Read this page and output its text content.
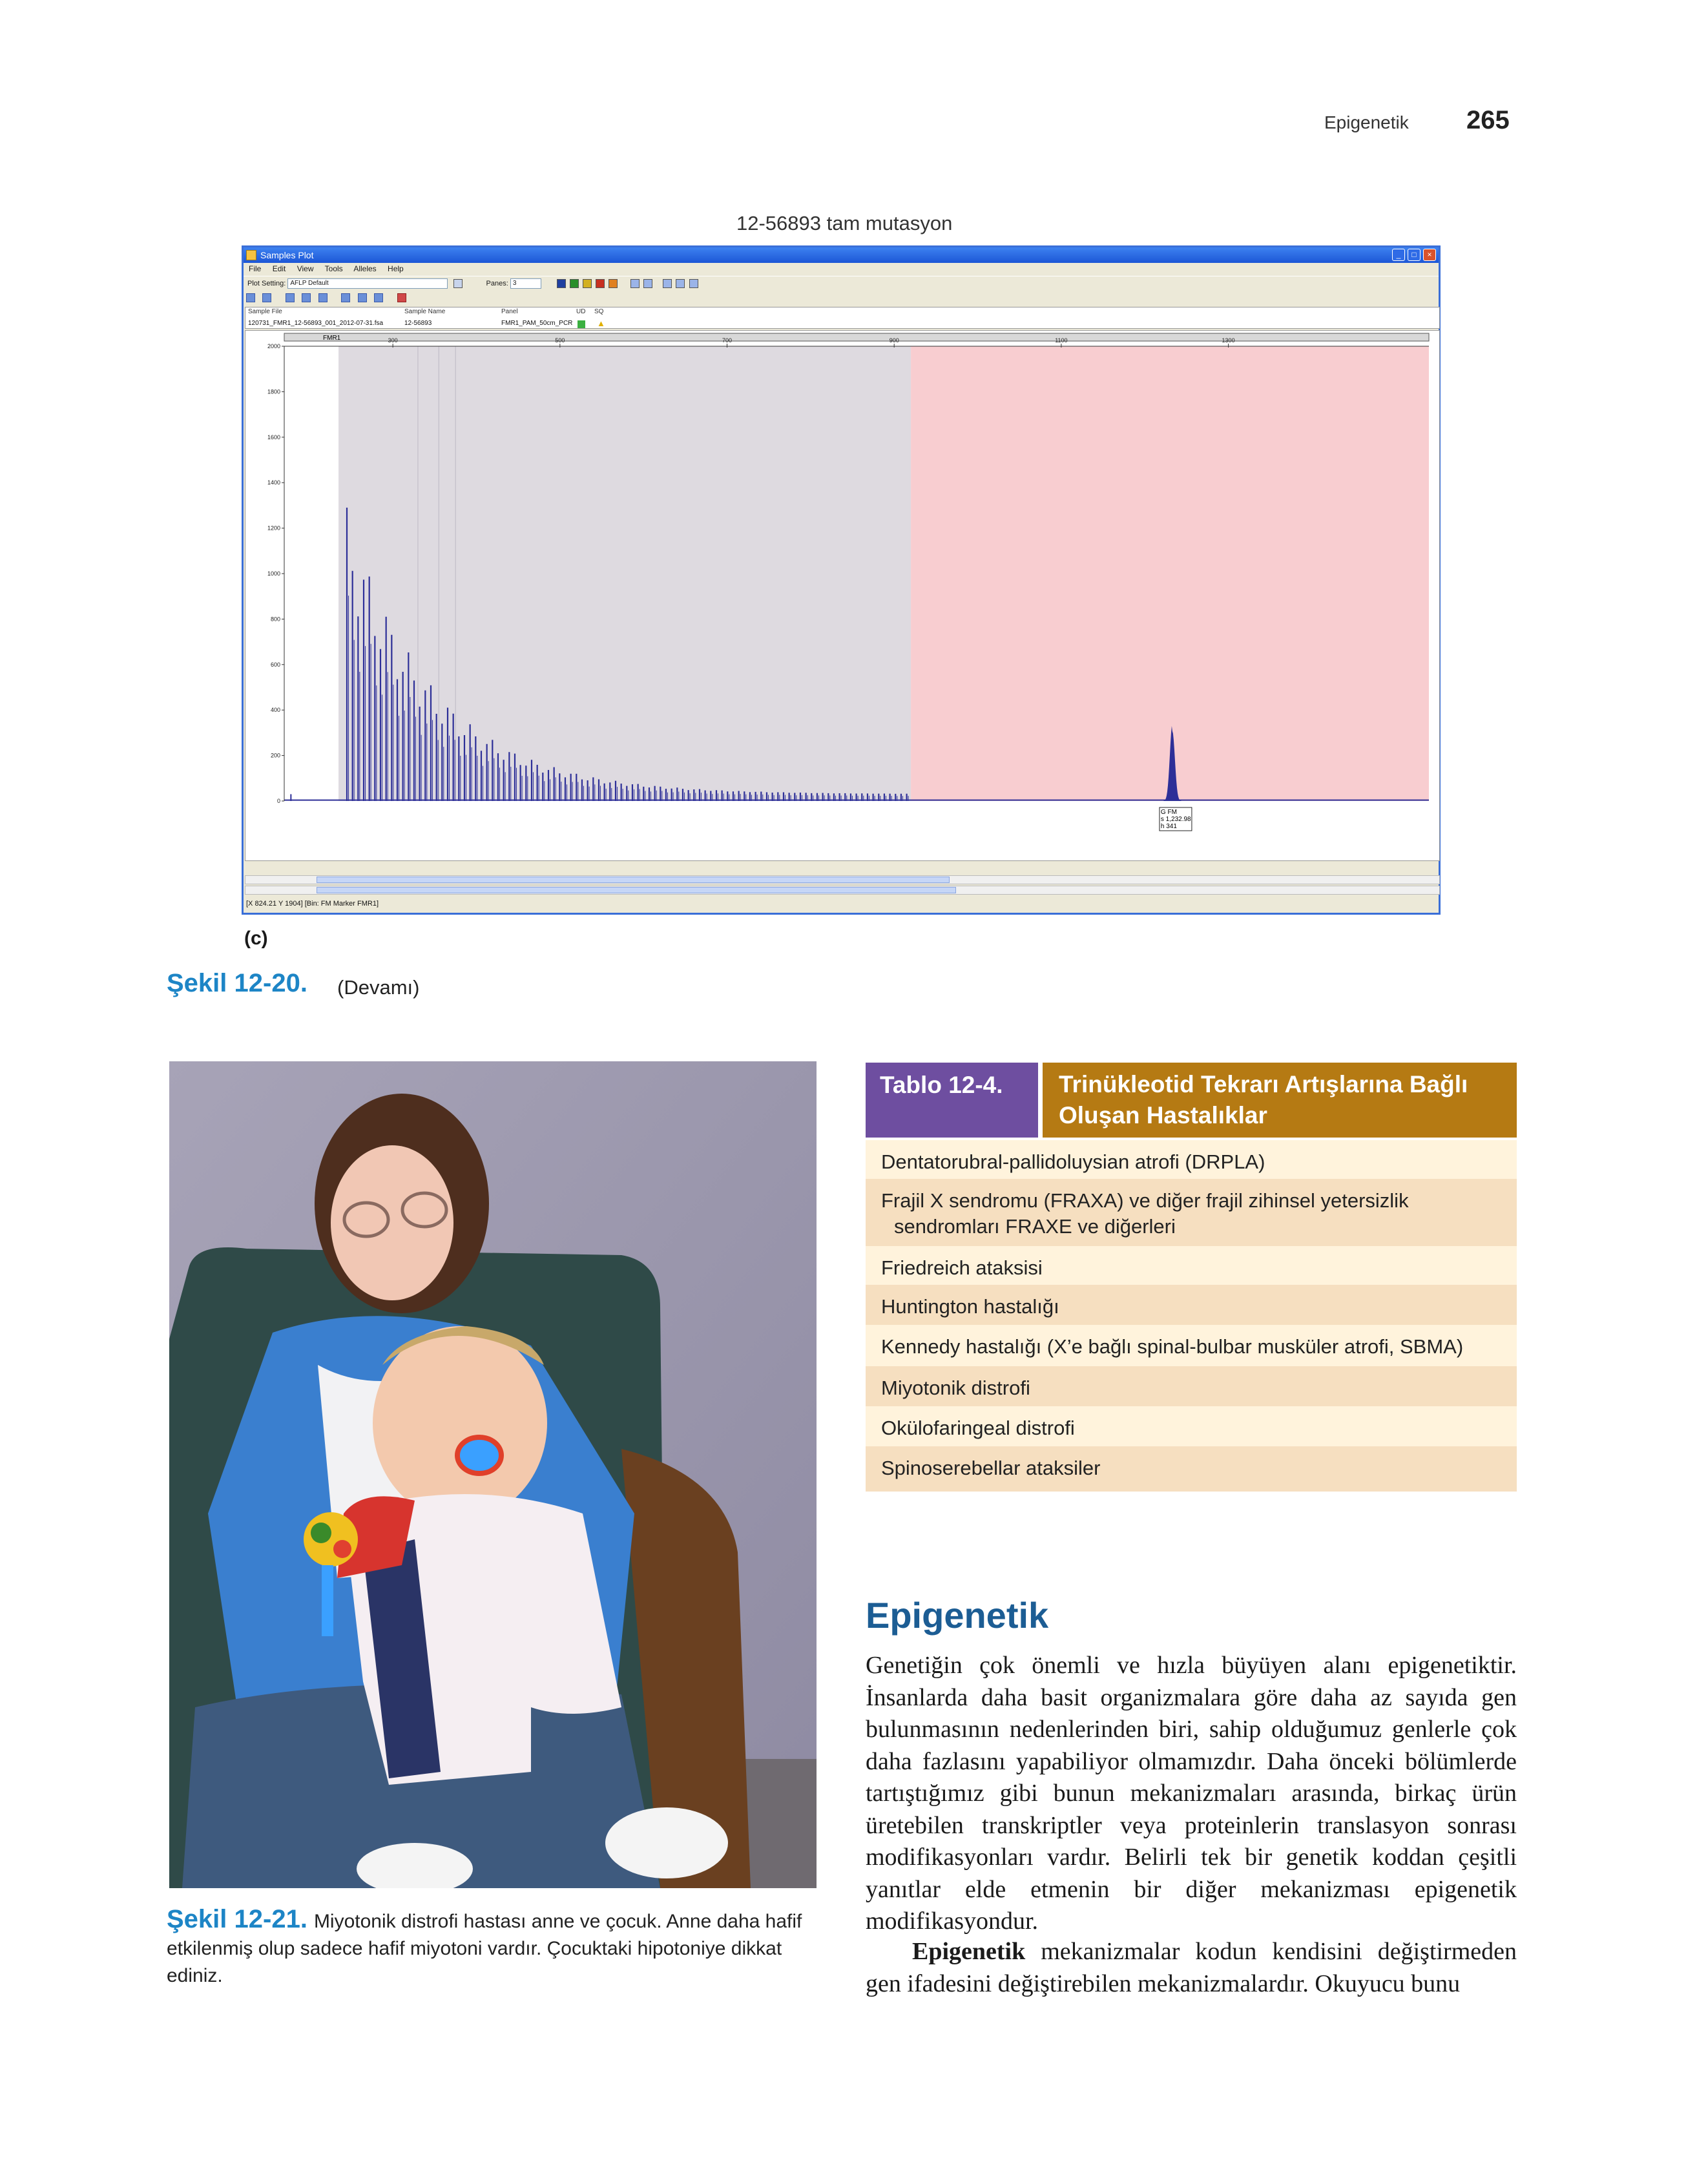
Epigenetik 265
12-56893 tam mutasyon
Samples Plot	_	□	×
File Edit View Tools Alleles Help
Plot Setting: AFLP Default	Panes: 3

Sample File	Sample Name	Panel	UD SQ
120731_FMR1_12-56893_001_2012-07-31.fsa	12-56893	FMR1_PAM_50cm_PCR	▲
FMR1
0
200
400
600
800
1000
1200
1400
1600
1800
2000
300	500	700	900	1100	1300
G FM
s 1,232.98
h 341
[X 824.21 Y 1904] [Bin: FM Marker FMR1]
(c)
Şekil 12-20. (Devamı)
Şekil 12-21. Miyotonik distrofi hastası anne ve çocuk. Anne daha hafif etkilenmiş olup sadece hafif miyotoni vardır. Çocuktaki hipotoniye dikkat ediniz.
Tablo 12-4.	Trinükleotid Tekrarı Artışlarına Bağlı Oluşan Hastalıklar
Dentatorubral-pallidoluysian atrofi (DRPLA)
Frajil X sendromu (FRAXA) ve diğer frajil zihinsel yetersizlik sendromları FRAXE ve diğerleri
Friedreich ataksisi
Huntington hastalığı
Kennedy hastalığı (X’e bağlı spinal-bulbar musküler atrofi, SBMA)
Miyotonik distrofi
Okülofaringeal distrofi
Spinoserebellar ataksiler
Epigenetik
Genetiğin çok önemli ve hızla büyüyen alanı epigenetiktir. İnsanlarda daha basit organizmalara göre daha az sayıda gen bulunmasının nedenlerinden biri, sahip olduğumuz genlerle çok daha fazlasını yapabiliyor olmamızdır. Daha önceki bölümlerde tartıştığımız gibi bunun mekanizmaları arasında, birkaç ürün üretebilen transkriptler veya proteinlerin translasyon sonrası modifikasyonları vardır. Belirli tek bir genetik koddan çeşitli yanıtlar elde etmenin bir diğer mekanizması epigenetik modifikasyondur.
Epigenetik mekanizmalar kodun kendisini değiştirmeden gen ifadesini değiştirebilen mekanizmalardır. Okuyucu bunu
